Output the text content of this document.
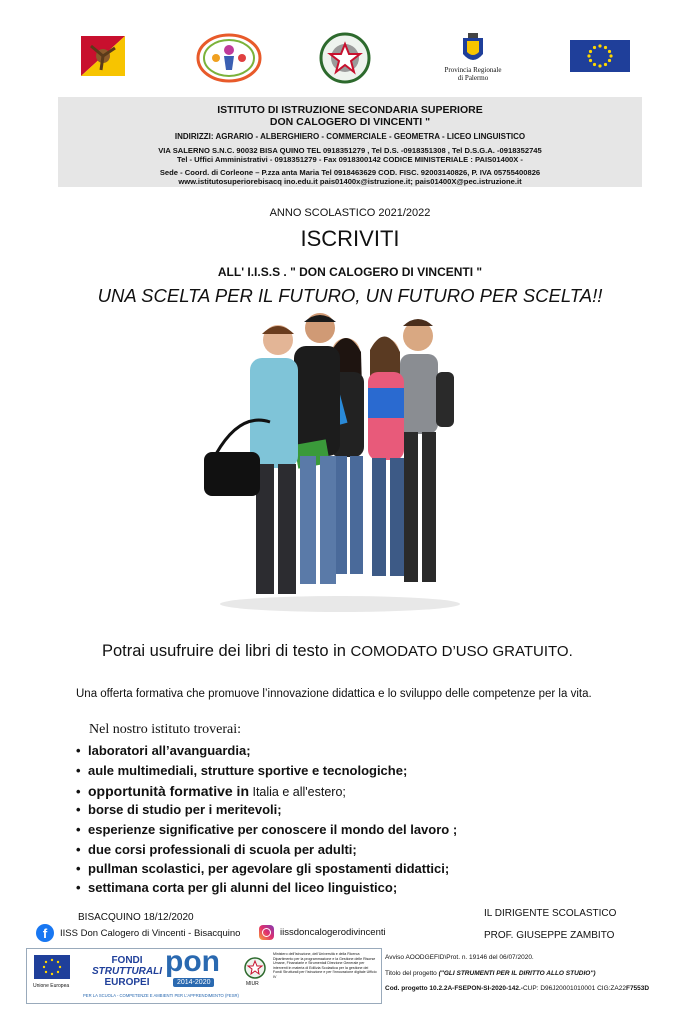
Provincia Regionale
di Palermo
ISTITUTO DI ISTRUZIONE SECONDARIA SUPERIORE
DON CALOGERO DI VINCENTI "
INDIRIZZI: AGRARIO - ALBERGHIERO - COMMERCIALE - GEOMETRA - LICEO LINGUISTICO
VIA SALERNO S.N.C. 90032 BISA QUINO TEL 0918351279 , Tel D.S. -0918351308 , Tel D.S.G.A. -0918352745
Tel - Uffici Amministrativi - 0918351279 - Fax 0918300142 CODICE MINISTERIALE : PAIS01400X -
Sede - Coord. di Corleone – P.zza anta Maria Tel 0918463629 COD. FISC. 92003140826, P. IVA 05755400826
www.istitutosuperiorebisacq ino.edu.it pais01400x@istruzione.it; pais01400X@pec.istruzione.it
ANNO SCOLASTICO 2021/2022
ISCRIVITI
ALL' I.I.S.S . " DON CALOGERO DI VINCENTI "
UNA SCELTA PER IL FUTURO, UN FUTURO PER SCELTA!!
Potrai usufruire dei libri di testo in COMODATO D’USO GRATUITO.
Una offerta formativa che promuove l’innovazione didattica e lo sviluppo delle competenze per la vita.
Nel nostro istituto troverai:
• laboratori all’avanguardia;
• aule multimediali, strutture sportive e tecnologiche;
• opportunità formative in Italia e all'estero;
• borse di studio per i meritevoli;
• esperienze significative per conoscere il mondo del lavoro ;
• due corsi professionali di scuola per adulti;
• pullman scolastici, per agevolare gli spostamenti didattici;
• settimana corta per gli alunni del liceo linguistico;
BISACQUINO 18/12/2020	IL DIRIGENTE SCOLASTICO
PROF. GIUSEPPE ZAMBITO
f	IISS Don Calogero di Vincenti - Bisacquino	iissdoncalogerodivincenti
Unione Europea
FONDI
STRUTTURALI
EUROPEI
pon
2014-2020
PER LA SCUOLA - COMPETENZE E AMBIENTI PER L'APPRENDIMENTO (FESR)
MIUR
Ministero dell'Istruzione, dell'Università e della Ricerca Dipartimento per la programmazione e la Gestione delle Risorse Umane, Finanziarie e Strumentali Direzione Generale per interventi in materia di Edilizia Scolastica per la gestione dei Fondi Strutturali per l'istruzione e per l'innovazione digitale Ufficio IV
Avviso AOODGEFID\Prot. n. 19146 del 06/07/2020.
Titolo del progetto ("GLI STRUMENTI PER IL DIRITTO ALLO STUDIO")
Cod. progetto 10.2.2A-FSEPON-SI-2020-142.-CUP: D96J20001010001 CIG:ZA22F7553D
